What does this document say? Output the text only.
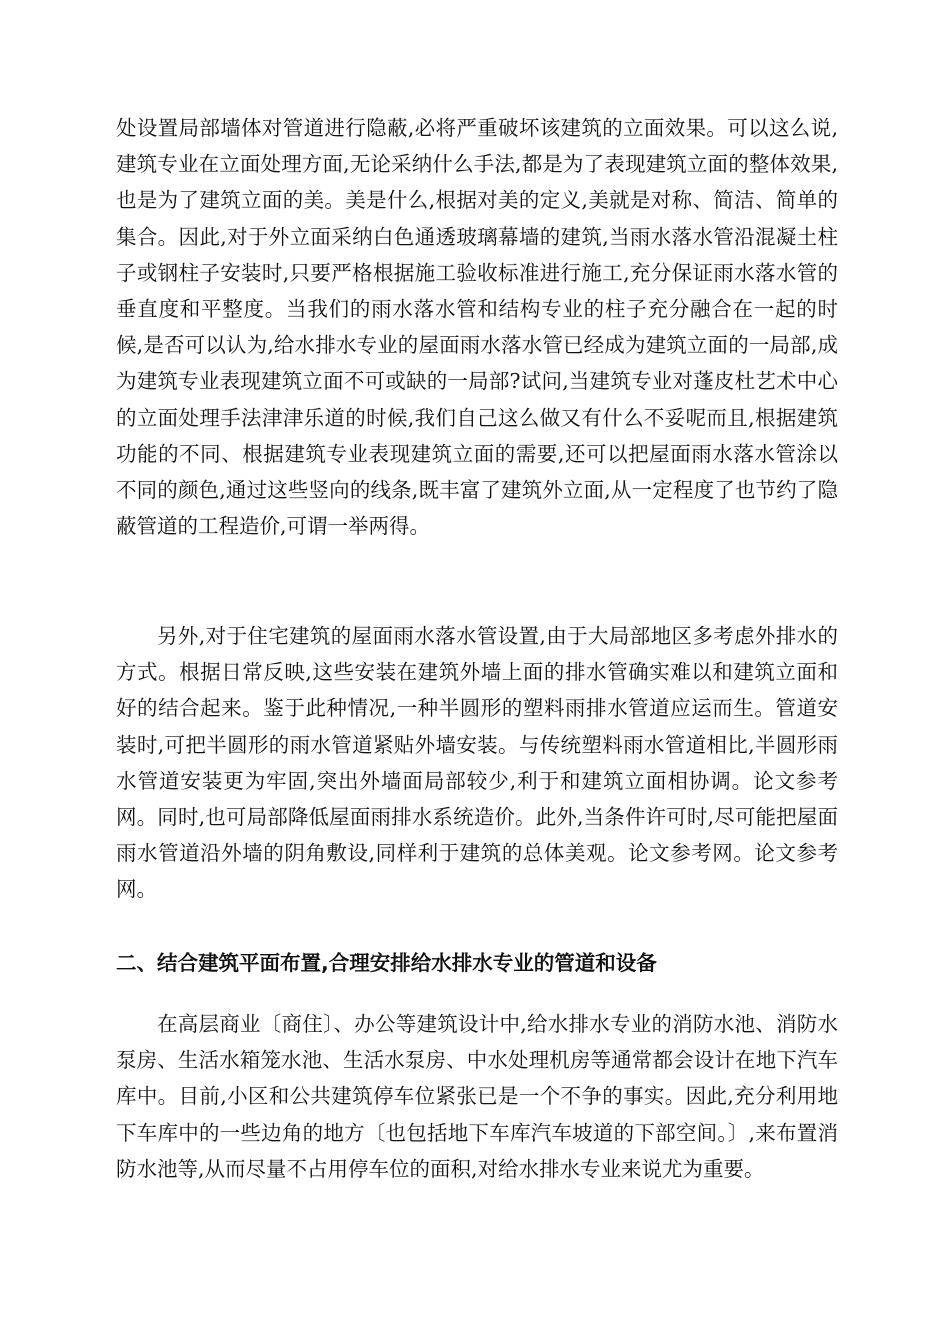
处设置局部墙体对管道进行隐蔽,必将严重破坏该建筑的立面效果。可以这么说,建筑专业在立面处理方面,无论采纳什么手法,都是为了表现建筑立面的整体效果,也是为了建筑立面的美。美是什么,根据对美的定义,美就是对称、简洁、简单的集合。因此,对于外立面采纳白色通透玻璃幕墙的建筑,当雨水落水管沿混凝土柱子或钢柱子安装时,只要严格根据施工验收标准进行施工,充分保证雨水落水管的垂直度和平整度。当我们的雨水落水管和结构专业的柱子充分融合在一起的时候,是否可以认为,给水排水专业的屋面雨水落水管已经成为建筑立面的一局部,成为建筑专业表现建筑立面不可或缺的一局部?试问,当建筑专业对蓬皮杜艺术中心的立面处理手法津津乐道的时候,我们自己这么做又有什么不妥呢而且,根据建筑功能的不同、根据建筑专业表现建筑立面的需要,还可以把屋面雨水落水管涂以不同的颜色,通过这些竖向的线条,既丰富了建筑外立面,从一定程度了也节约了隐蔽管道的工程造价,可谓一举两得。

另外,对于住宅建筑的屋面雨水落水管设置,由于大局部地区多考虑外排水的方式。根据日常反映,这些安装在建筑外墙上面的排水管确实难以和建筑立面和好的结合起来。鉴于此种情况,一种半圆形的塑料雨排水管道应运而生。管道安装时,可把半圆形的雨水管道紧贴外墙安装。与传统塑料雨水管道相比,半圆形雨水管道安装更为牢固,突出外墙面局部较少,利于和建筑立面相协调。论文参考网。同时,也可局部降低屋面雨排水系统造价。此外,当条件许可时,尽可能把屋面雨水管道沿外墙的阴角敷设,同样利于建筑的总体美观。论文参考网。论文参考网。

二、结合建筑平面布置,合理安排给水排水专业的管道和设备

在高层商业〔商住〕、办公等建筑设计中,给水排水专业的消防水池、消防水泵房、生活水箱笼水池、生活水泵房、中水处理机房等通常都会设计在地下汽车库中。目前,小区和公共建筑停车位紧张已是一个不争的事实。因此,充分利用地下车库中的一些边角的地方〔也包括地下车库汽车坡道的下部空间。〕,来布置消防水池等,从而尽量不占用停车位的面积,对给水排水专业来说尤为重要。
